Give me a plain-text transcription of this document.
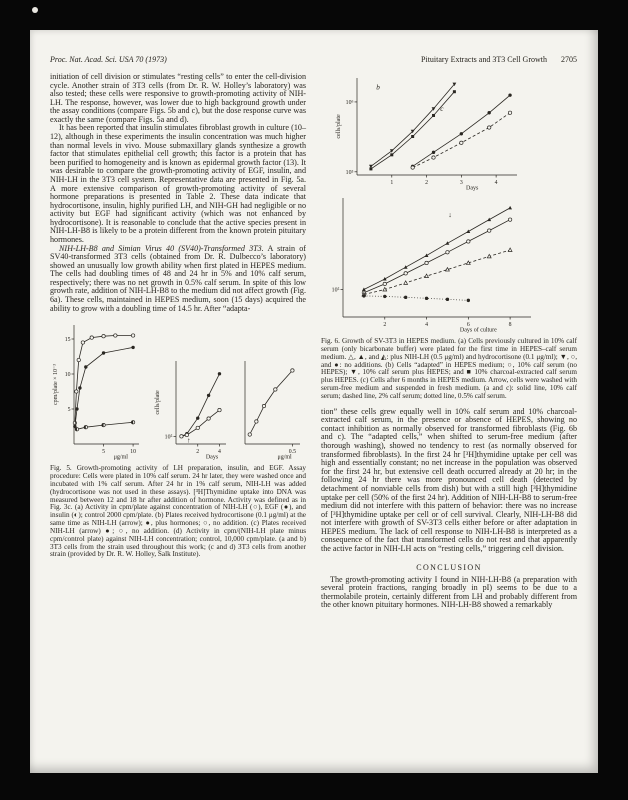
Proc. Nat. Acad. Sci. USA 70 (1973)	Pituitary Extracts and 3T3 Cell Growth 2705

initiation of cell division or stimulates “resting cells” to enter the cell-division cycle. Another strain of 3T3 cells (from Dr. R. W. Holley’s laboratory) was also tested; these cells were responsive to growth-promoting activity of NIH-LH. The response, however, was lower due to high background growth under the assay conditions (compare Figs. 5b and c), but the dose response curve was exactly the same (compare Figs. 5a and d).

It has been reported that insulin stimulates fibroblast growth in culture (10–12), although in these experiments the insulin concentration was much higher than normal levels in vivo. Mouse submaxillary glands synthesize a growth factor that stimulates epithelial cell growth; this factor is a protein that has been purified to homogeneity and is known as epidermal growth factor (13). It was desirable to compare the growth-promoting activity of EGF, insulin, and NIH-LH in the 3T3 cell system. Representative data are presented in Fig. 5a. A more extensive comparison of growth-promoting activity of several hormone preparations is presented in Table 2. These data indicate that hydrocortisone, insulin, highly purified LH, and NIH-GH had negligible or no activity but EGF had significant activity (which was not enhanced by hydrocortisone). It is reasonable to conclude that the active species present in NIH-LH-B8 is likely to be a protein different from the known protein pituitary hormones.

NIH-LH-B8 and Simian Virus 40 (SV40)-Transformed 3T3. A strain of SV40-transformed 3T3 cells (obtained from Dr. R. Dulbecco’s laboratory) showed an unusually low growth ability when first plated in HEPES medium. The cells had doubling times of 48 and 24 hr in 5% and 10% calf serum, respectively; there was no net growth in 0.5% calf serum. In spite of this low growth rate, addition of NIH-LH-B8 to the medium did not affect growth (Fig. 6a). These cells, maintained in HEPES medium, soon (15 days) acquired the ability to grow with a doubling time of 14.5 hr. After “adapta-

5	10
5
10
15
μg/ml
cpm/plate × 10⁻³
2	4
10⁵
Days
cells/plate
↑
0.5
μg/ml
Fig. 5. Growth-promoting activity of LH preparation, insulin, and EGF. Assay procedure: Cells were plated in 10% calf serum. 24 hr later, they were washed once and incubated with 1% calf serum. After 24 hr in 1% calf serum, NIH-LH was added (hydrocortisone was not used in these assays). [³H]Thymidine uptake into DNA was measured between 12 and 18 hr after addition of hormone. Activity was defined as in Fig. 3c. (a) Activity in cpm/plate against concentration of NIH-LH (○), EGF (●), and insulin (◐); control 2000 cpm/plate. (b) Plates received hydrocortisone (0.1 μg/ml) at the same time as NIH-LH (arrow); ●, plus hormones; ○, no addition. (c) Plates received NIH-LH (arrow) ●; ○, no addition. (d) Activity in cpm/(NIH-LH plate minus cpm/control plate) against NIH-LH concentration; control, 10,000 cpm/plate. (a and b) 3T3 cells from the strain used throughout this work; (c and d) 3T3 cells from another strain (provided by Dr. R. W. Holley, Salk Institute).
1	2	3	4
10⁵
10⁶
Days
cells/plate
b
c
2	4	6	8
10⁵
Days of culture
↓
Fig. 6. Growth of SV-3T3 in HEPES medium. (a) Cells previously cultured in 10% calf serum (only bicarbonate buffer) were plated for the first time in HEPES–calf serum medium. △, ▲, and ◭: plus NIH-LH (0.5 μg/ml) and hydrocortisone (0.1 μg/ml); ▼, ○, and ●: no additions. (b) Cells “adapted” in HEPES medium; ○, 10% calf serum (no HEPES); ▼, 10% calf serum plus HEPES; and ■ 10% charcoal-extracted calf serum plus HEPES. (c) Cells after 6 months in HEPES medium. Arrow, cells were washed with serum-free medium and suspended in fresh medium. (a and c): solid line, 10% calf serum; dashed line, 2% calf serum; dotted line, 0.5% calf serum.

tion” these cells grew equally well in 10% calf serum and 10% charcoal-extracted calf serum, in the presence or absence of HEPES, showing no contact inhibition as normally observed for transformed fibroblasts (Fig. 6b and c). The “adapted cells,” when shifted to serum-free medium (after thorough washing), showed no tendency to rest (as normally observed for transformed fibroblasts). In the first 24 hr [³H]thymidine uptake per cell was high and essentially constant; no net increase in the population was observed for the first 24 hr, but extensive cell death occurred already at 20 hr; in the following 24 hr there was more pronounced cell death (detected by detachment of nonviable cells from dish) but with a still high [³H]thymidine uptake per cell (50% of the first 24 hr). Addition of NIH-LH-B8 to serum-free medium did not interfere with this pattern of behavior: there was no increase of [³H]thymidine uptake per cell or of cell survival. Clearly, NIH-LH-B8 did not interfere with growth of SV-3T3 cells either before or after adaptation in HEPES medium. The lack of cell response to NIH-LH-B8 is interpreted as a consequence of the fact that transformed cells do not rest and that apparently the active factor in NIH-LH acts on “resting cells,” triggering cell division.

CONCLUSION

The growth-promoting activity I found in NIH-LH-B8 (a preparation with several protein fractions, ranging broadly in pI) seems to be due to a thermolabile protein, certainly different from LH and probably different from the other known pituitary hormones. NIH-LH-B8 showed a remarkably
